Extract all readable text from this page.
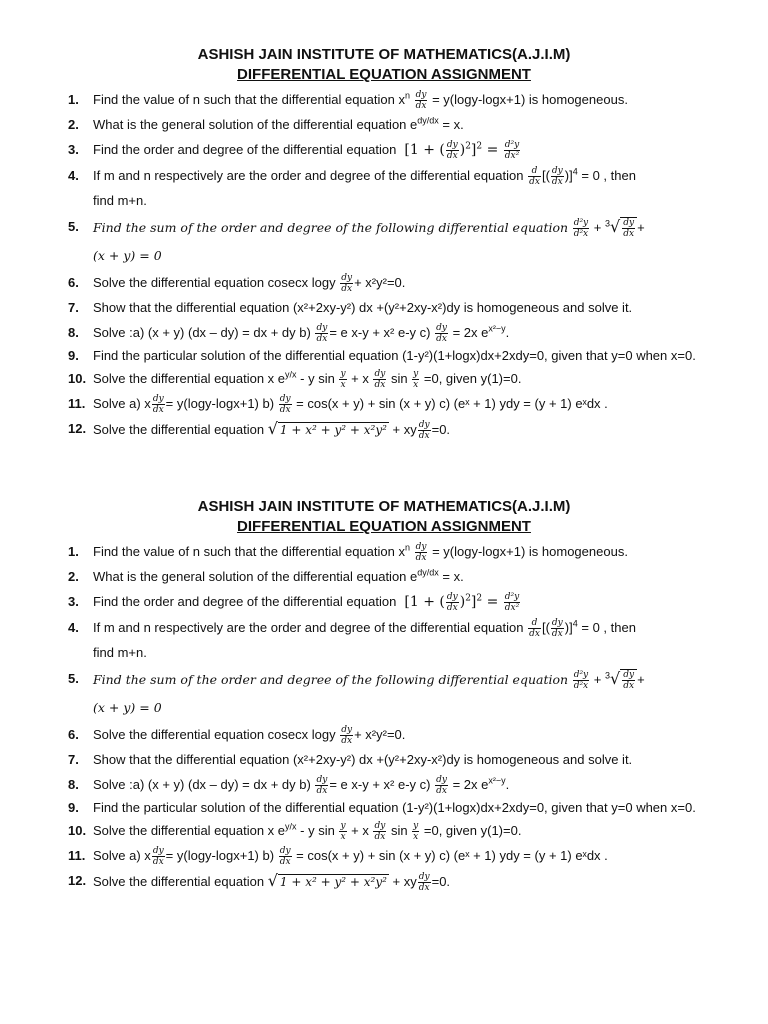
ASHISH JAIN INSTITUTE OF MATHEMATICS(A.J.I.M)
DIFFERENTIAL EQUATION ASSIGNMENT
1. Find the value of n such that the differential equation $x^n \frac{dy}{dx} = y(\log y-\log x+1)$ is homogeneous.
2. What is the general solution of the differential equation $e^{dy/dx} = x$.
3. Find the order and degree of the differential equation  [1 + ( $\frac{dy}{dx} )^2]^2 = \frac{\text{d²y}}{\text{dx²}}$
4. If m and n respectively are the order and degree of the differential equation $\frac{d}{dx}$ [( $\frac{dy}{dx} )]^4 = 0$ , then
find m+n.
5. Find the sum of the order and degree of the following differential equation $\frac{\text{d²y}}{\text{d²x}} + ^3√ \frac{dy}{dx}$ +
(x + y) = 0
6. Solve the differential equation cosecx logy $\frac{dy}{dx} + x^2y^2=0$.
7. Show that the differential equation (x²+2xy-y²) dx +(y²+2xy-x²)dy is homogeneous and solve it.
8. Solve :a) (x + y) (dx – dy) = dx + dy $b) \frac{dy}{dx} = e$ x-y + x² e-y $c) \frac{dy}{dx} = 2x$ $e^{x^2-y}$.
9. Find the particular solution of the differential equation (1-y²)(1+logx)dx+2xdy=0, given that y=0 when x=0.
10. Solve the differential equation x $e^{y/x}$ - y $\sin \frac{y}{x} + x \frac{dy}{dx}$ $\sin \frac{y}{x} =0$, given y(1)=0.
11. Solve a) x $\frac{dy}{dx} = y(\log y-\log x+1)$ $b) \frac{dy}{dx} = \cos(x + y) + \sin (x + y)$ c) (eˣ + 1) ydy = (y + 1) eˣdx .
12. Solve the differential equation √ 1 + x² + y² + x²y² + xy $\frac{dy}{dx} =0$.
ASHISH JAIN INSTITUTE OF MATHEMATICS(A.J.I.M)
DIFFERENTIAL EQUATION ASSIGNMENT
1. Find the value of n such that the differential equation $x^n \frac{dy}{dx} = y(\log y-\log x+1)$ is homogeneous.
2. What is the general solution of the differential equation $e^{dy/dx} = x$.
3. Find the order and degree of the differential equation  [1 + ( $\frac{dy}{dx} )^2]^2 = \frac{\text{d²y}}{\text{dx²}}$
4. If m and n respectively are the order and degree of the differential equation $\frac{d}{dx}$ [( $\frac{dy}{dx} )]^4 = 0$ , then
find m+n.
5. Find the sum of the order and degree of the following differential equation $\frac{\text{d²y}}{\text{d²x}} + ^3√ \frac{dy}{dx}$ +
(x + y) = 0
6. Solve the differential equation cosecx logy $\frac{dy}{dx} + x^2y^2=0$.
7. Show that the differential equation (x²+2xy-y²) dx +(y²+2xy-x²)dy is homogeneous and solve it.
8. Solve :a) (x + y) (dx – dy) = dx + dy $b) \frac{dy}{dx} = e$ x-y + x² e-y $c) \frac{dy}{dx} = 2x$ $e^{x^2-y}$.
9. Find the particular solution of the differential equation (1-y²)(1+logx)dx+2xdy=0, given that y=0 when x=0.
10. Solve the differential equation x $e^{y/x}$ - y $\sin \frac{y}{x} + x \frac{dy}{dx}$ $\sin \frac{y}{x} =0$, given y(1)=0.
11. Solve a) x $\frac{dy}{dx} = y(\log y-\log x+1)$ $b) \frac{dy}{dx} = \cos(x + y) + \sin (x + y)$ c) (eˣ + 1) ydy = (y + 1) eˣdx .
12. Solve the differential equation √ 1 + x² + y² + x²y² + xy $\frac{dy}{dx} =0$.
